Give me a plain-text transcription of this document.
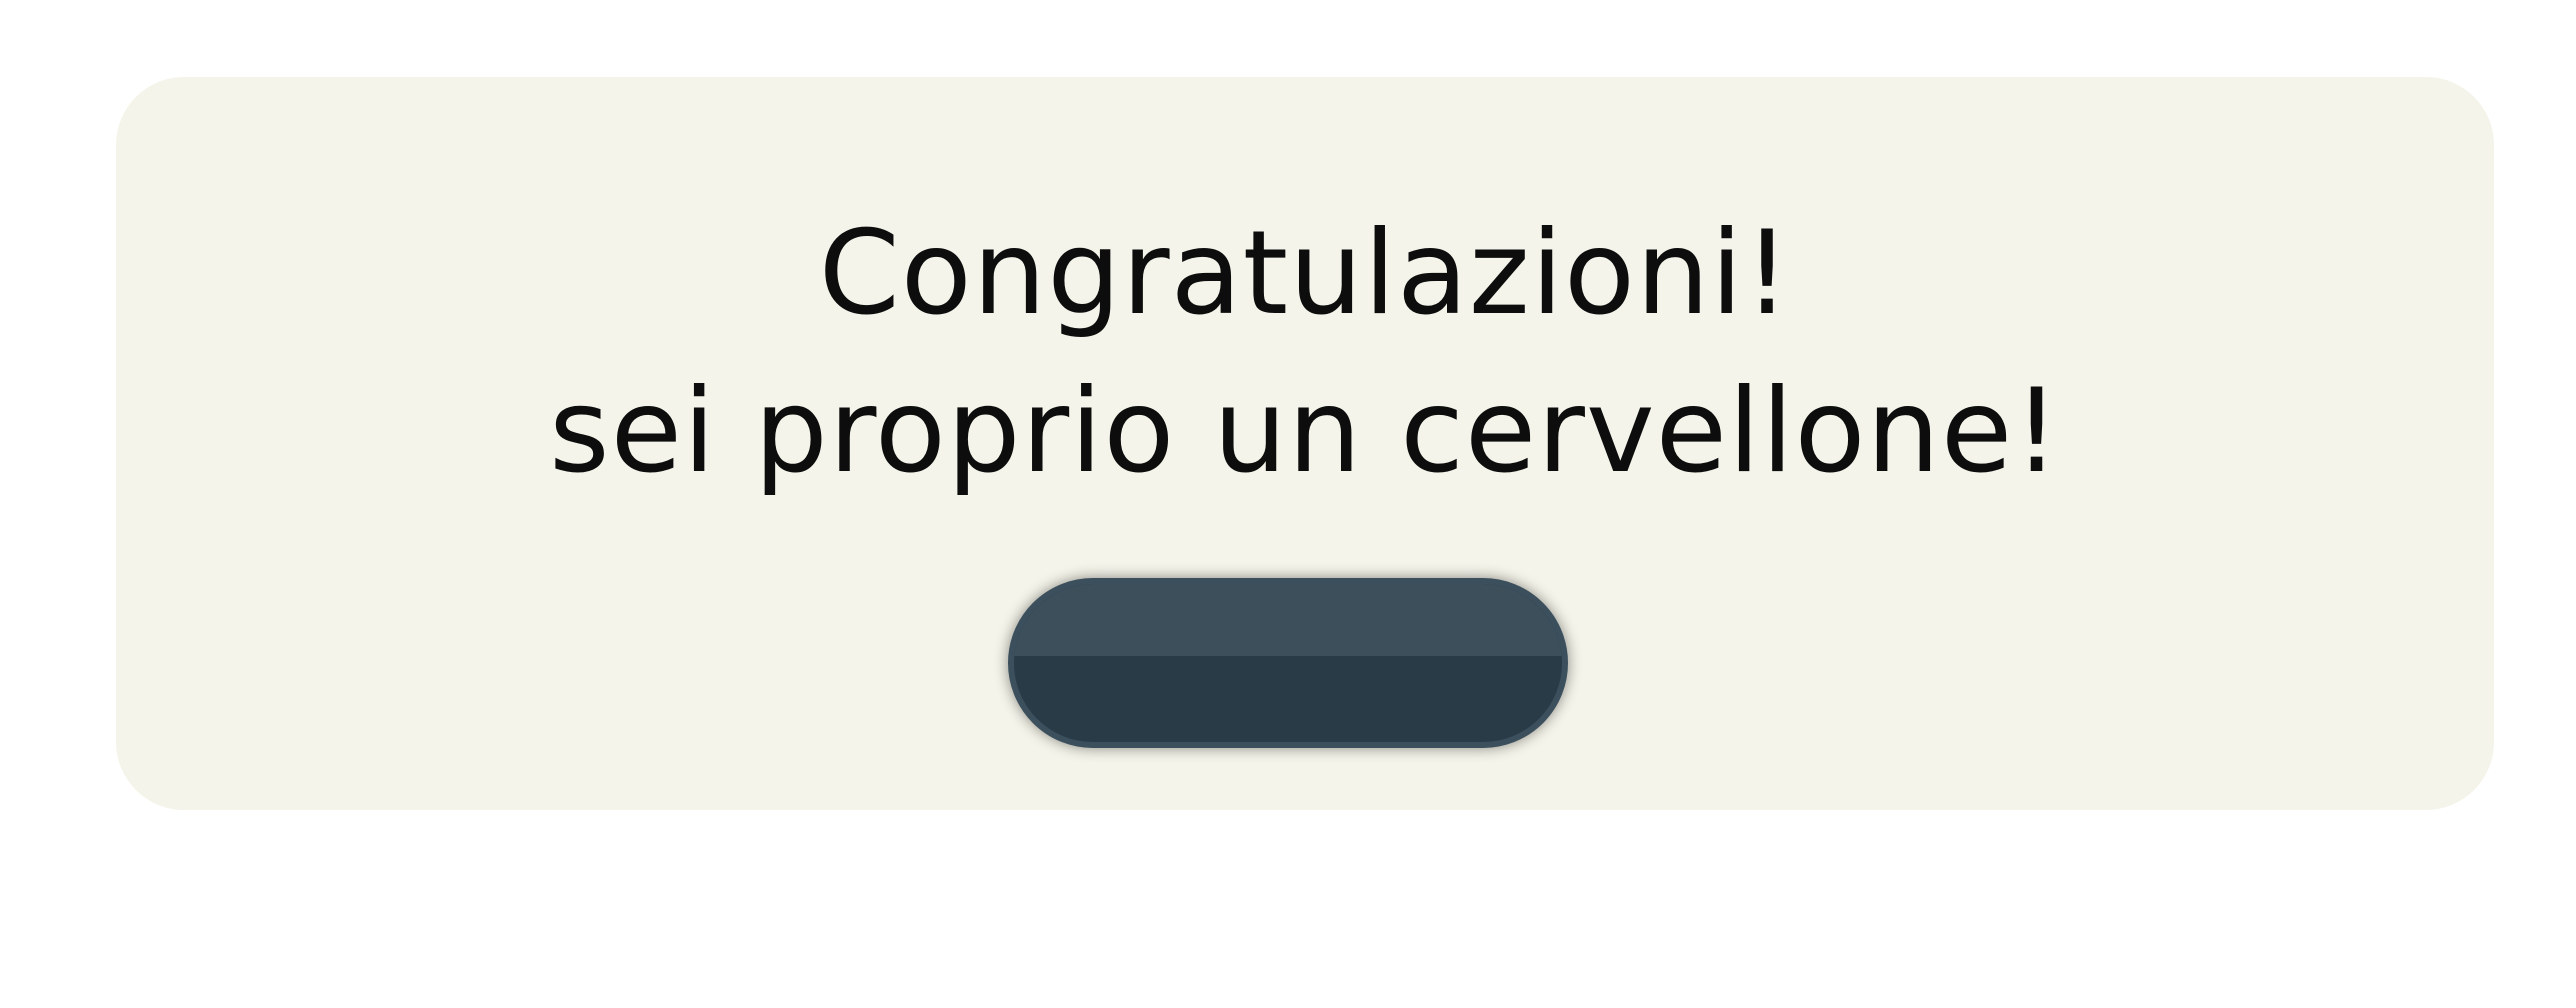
Congratulazioni!
sei proprio un cervellone!
